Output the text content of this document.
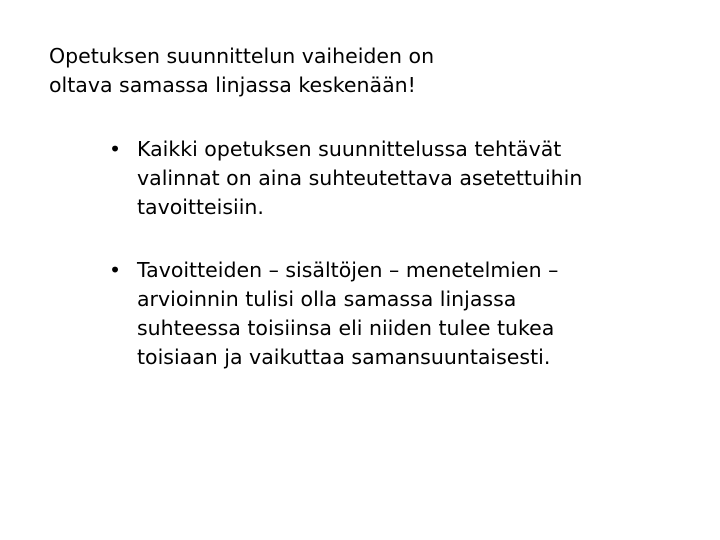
Opetuksen suunnittelun vaiheiden on
oltava samassa linjassa keskenään!
• Kaikki opetuksen suunnittelussa tehtävät
valinnat on aina suhteutettava asetettuihin
tavoitteisiin.
• Tavoitteiden – sisältöjen – menetelmien –
arvioinnin tulisi olla samassa linjassa
suhteessa toisiinsa eli niiden tulee tukea
toisiaan ja vaikuttaa samansuuntaisesti.
